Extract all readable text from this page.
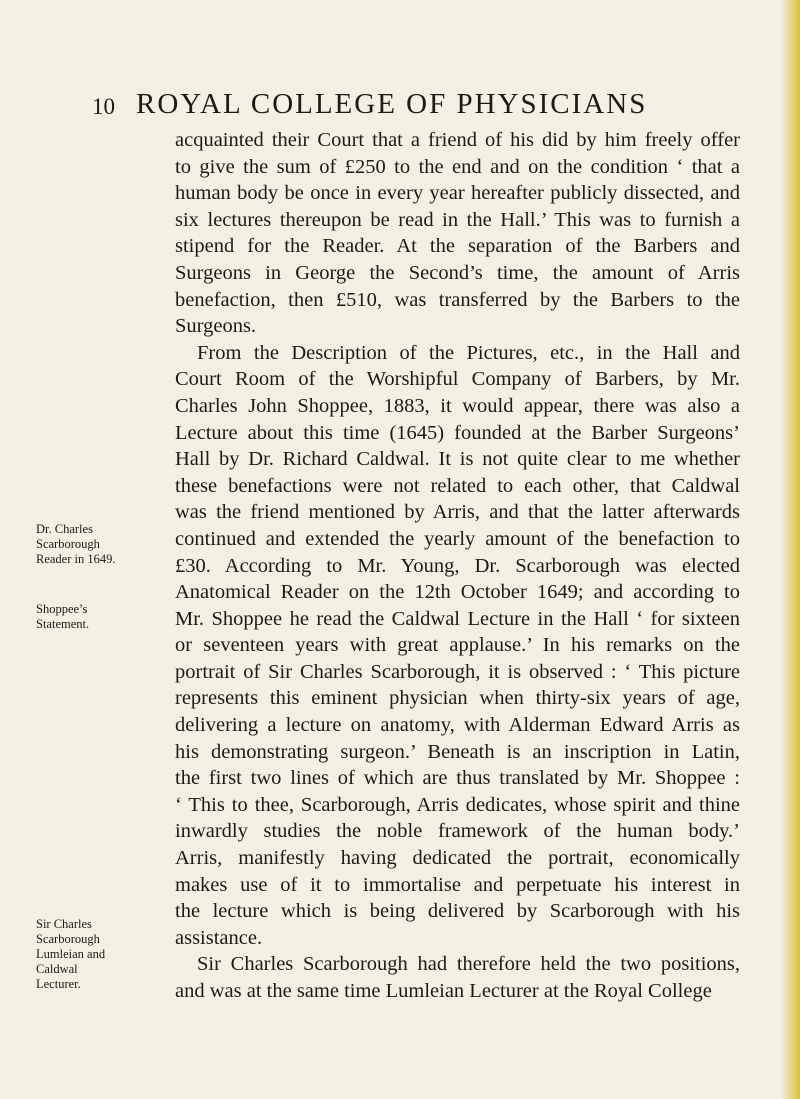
10 ROYAL COLLEGE OF PHYSICIANS
acquainted their Court that a friend of his did by him freely offer
to give the sum of £250 to the end and on the condition ‘ that a
human body be once in every year hereafter publicly dissected, and
six lectures thereupon be read in the Hall.’ This was to furnish a
stipend for the Reader. At the separation of the Barbers and
Surgeons in George the Second’s time, the amount of Arris
benefaction, then £510, was transferred by the Barbers to the
Surgeons.
From the Description of the Pictures, etc., in the Hall and
Court Room of the Worshipful Company of Barbers, by Mr.
Charles John Shoppee, 1883, it would appear, there was also a
Lecture about this time (1645) founded at the Barber Surgeons’
Hall by Dr. Richard Caldwal. It is not quite clear to me whether
these benefactions were not related to each other, that Caldwal
was the friend mentioned by Arris, and that the latter afterwards
continued and extended the yearly amount of the benefaction to
£30. According to Mr. Young, Dr. Scarborough was elected
Anatomical Reader on the 12th October 1649; and according to
Mr. Shoppee he read the Caldwal Lecture in the Hall ‘ for sixteen
or seventeen years with great applause.’ In his remarks on the
portrait of Sir Charles Scarborough, it is observed : ‘ This picture
represents this eminent physician when thirty-six years of age,
delivering a lecture on anatomy, with Alderman Edward Arris as
his demonstrating surgeon.’ Beneath is an inscription in Latin,
the first two lines of which are thus translated by Mr. Shoppee :
‘ This to thee, Scarborough, Arris dedicates, whose spirit and thine
inwardly studies the noble framework of the human body.’
Arris, manifestly having dedicated the portrait, economically
makes use of it to immortalise and perpetuate his interest in
the lecture which is being delivered by Scarborough with his
assistance.
Sir Charles Scarborough had therefore held the two positions,
and was at the same time Lumleian Lecturer at the Royal College
Dr. Charles
Scarborough
Reader in 1649.
Shoppee’s
Statement.
Sir Charles
Scarborough
Lumleian and
Caldwal
Lecturer.
